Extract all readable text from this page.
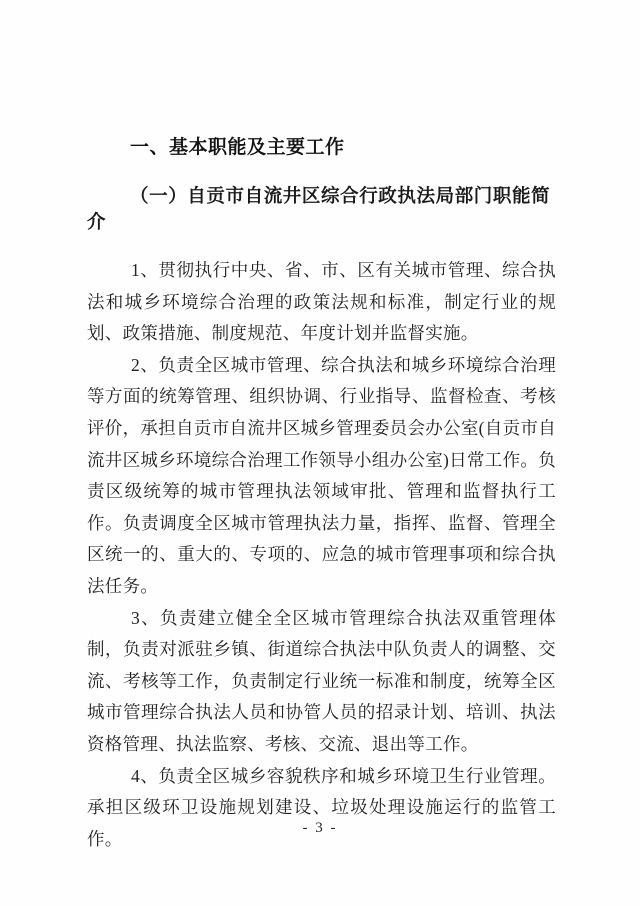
一、基本职能及主要工作
（一）自贡市自流井区综合行政执法局部门职能简介

1、贯彻执行中央、省、市、区有关城市管理、综合执法和城乡环境综合治理的政策法规和标准，制定行业的规划、政策措施、制度规范、年度计划并监督实施。

2、负责全区城市管理、综合执法和城乡环境综合治理等方面的统筹管理、组织协调、行业指导、监督检查、考核评价，承担自贡市自流井区城乡管理委员会办公室(自贡市自流井区城乡环境综合治理工作领导小组办公室)日常工作。负责区级统筹的城市管理执法领域审批、管理和监督执行工作。负责调度全区城市管理执法力量，指挥、监督、管理全区统一的、重大的、专项的、应急的城市管理事项和综合执法任务。

3、负责建立健全全区城市管理综合执法双重管理体制，负责对派驻乡镇、街道综合执法中队负责人的调整、交流、考核等工作，负责制定行业统一标准和制度，统筹全区城市管理综合执法人员和协管人员的招录计划、培训、执法资格管理、执法监察、考核、交流、退出等工作。

4、负责全区城乡容貌秩序和城乡环境卫生行业管理。承担区级环卫设施规划建设、垃圾处理设施运行的监管工作。

- 3 -
